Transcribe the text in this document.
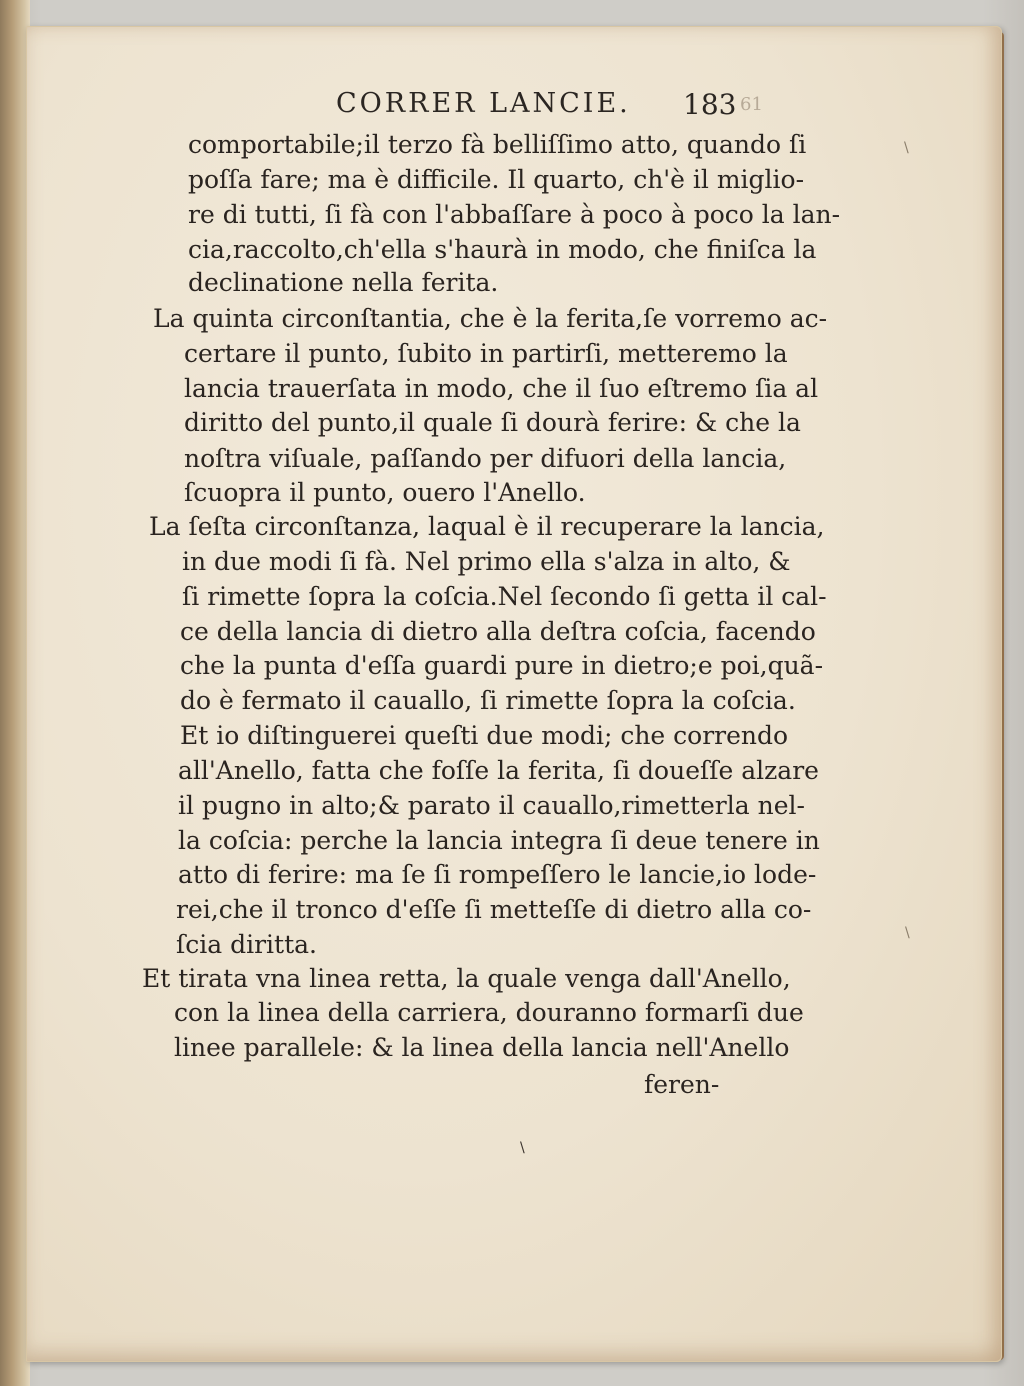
CORRER LANCIE. 183 61
comportabile;il terzo fà belliſſimo atto, quando ſi
poſſa fare; ma è difficile. Il quarto, ch'è il miglio-
re di tutti, ſi fà con l'abbaſſare à poco à poco la lan-
cia,raccolto,ch'ella s'haurà in modo, che finiſca la
declinatione nella ferita.
La quinta circonſtantia, che è la ferita,ſe vorremo ac-
certare il punto, ſubito in partirſi, metteremo la
lancia trauerſata in modo, che il ſuo eſtremo ſia al
diritto del punto,il quale ſi dourà ferire: & che la
noſtra viſuale, paſſando per difuori della lancia,
ſcuopra il punto, ouero l'Anello.
La ſeſta circonſtanza, laqual è il recuperare la lancia,
in due modi ſi fà. Nel primo ella s'alza in alto, &
ſi rimette ſopra la coſcia.Nel ſecondo ſi getta il cal-
ce della lancia di dietro alla deſtra coſcia, facendo
che la punta d'eſſa guardi pure in dietro;e poi,quã-
do è fermato il cauallo, ſi rimette ſopra la coſcia.
Et io diſtinguerei queſti due modi; che correndo
all'Anello, fatta che foſſe la ferita, ſi doueſſe alzare
il pugno in alto;& parato il cauallo,rimetterla nel-
la coſcia: perche la lancia integra ſi deue tenere in
atto di ferire: ma ſe ſi rompeſſero le lancie,io lode-
rei,che il tronco d'eſſe ſi metteſſe di dietro alla co-
ſcia diritta.
Et tirata vna linea retta, la quale venga dall'Anello,
con la linea della carriera, douranno formarſi due
linee parallele: & la linea della lancia nell'Anello
feren-
\
\
\
